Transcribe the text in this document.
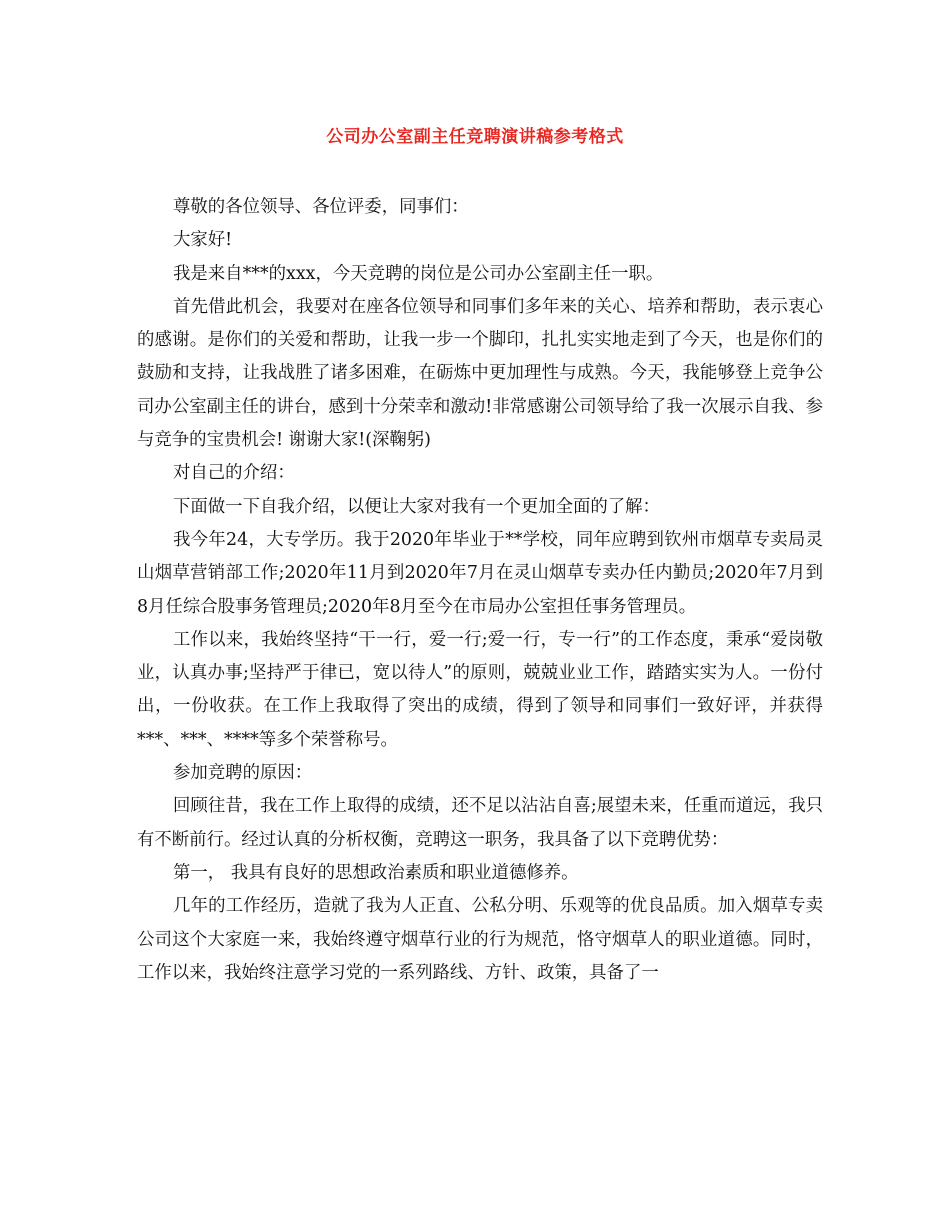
公司办公室副主任竞聘演讲稿参考格式

尊敬的各位领导、各位评委，同事们：

大家好!

我是来自***的xxx，今天竞聘的岗位是公司办公室副主任一职。

首先借此机会，我要对在座各位领导和同事们多年来的关心、培养和帮助，表示衷心的感谢。是你们的关爱和帮助，让我一步一个脚印，扎扎实实地走到了今天，也是你们的鼓励和支持，让我战胜了诸多困难，在砺炼中更加理性与成熟。今天，我能够登上竞争公司办公室副主任的讲台，感到十分荣幸和激动!非常感谢公司领导给了我一次展示自我、参与竞争的宝贵机会! 谢谢大家!(深鞠躬)

对自己的介绍：

下面做一下自我介绍，以便让大家对我有一个更加全面的了解：

我今年24，大专学历。我于2020年毕业于**学校，同年应聘到钦州市烟草专卖局灵山烟草营销部工作;2020年11月到2020年7月在灵山烟草专卖办任内勤员;2020年7月到8月任综合股事务管理员;2020年8月至今在市局办公室担任事务管理员。

工作以来，我始终坚持“干一行，爱一行;爱一行，专一行”的工作态度，秉承“爱岗敬业，认真办事;坚持严于律已，宽以待人”的原则，兢兢业业工作，踏踏实实为人。一份付出，一份收获。在工作上我取得了突出的成绩，得到了领导和同事们一致好评，并获得***、***、****等多个荣誉称号。

参加竞聘的原因：

回顾往昔，我在工作上取得的成绩，还不足以沾沾自喜;展望未来，任重而道远，我只有不断前行。经过认真的分析权衡，竞聘这一职务，我具备了以下竞聘优势：

第一， 我具有良好的思想政治素质和职业道德修养。

几年的工作经历，造就了我为人正直、公私分明、乐观等的优良品质。加入烟草专卖公司这个大家庭一来，我始终遵守烟草行业的行为规范，恪守烟草人的职业道德。同时，工作以来，我始终注意学习党的一系列路线、方针、政策，具备了一
